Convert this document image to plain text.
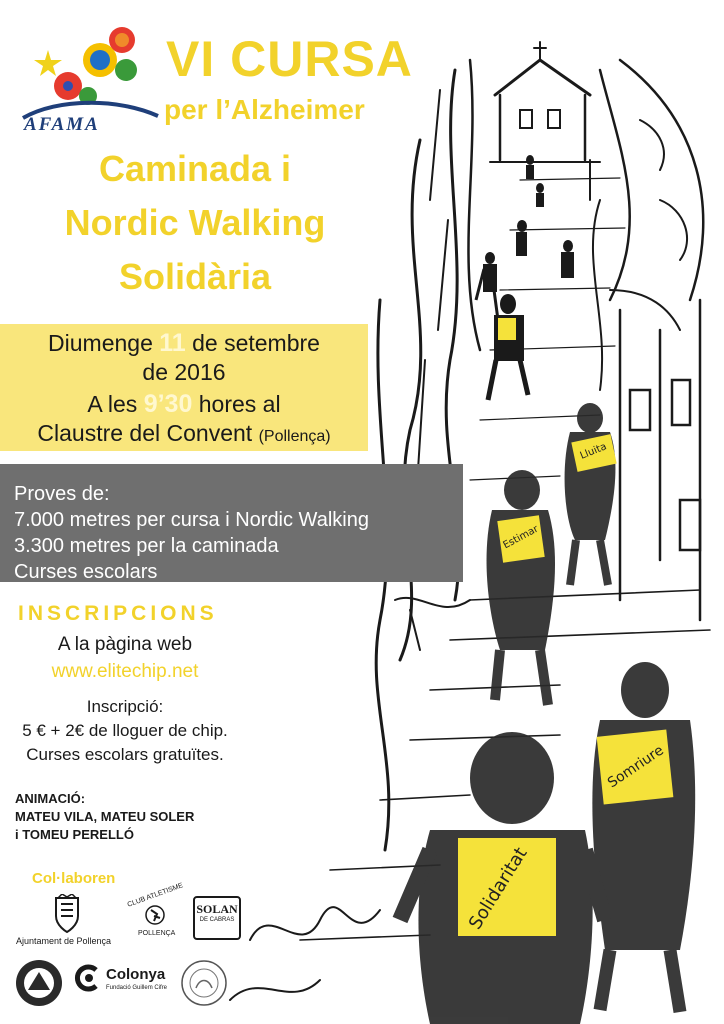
Lluita
Estimar
Somriure
Solidaritat
AFAMA
VI CURSA
per l’Alzheimer
Caminada i
Nordic Walking
Solidària
Diumenge 11 de setembre
de 2016
A les 9’30 hores al
Claustre del Convent (Pollença)
Proves de:
7.000 metres per cursa i Nordic Walking
3.300 metres per la caminada
Curses escolars
INSCRIPCIONS
A la pàgina web
www.elitechip.net
Inscripció:
5 € + 2€ de lloguer de chip.
Curses escolars gratuïtes.
ANIMACIÓ:
MATEU VILA, MATEU SOLER
i TOMEU PERELLÓ
Col·laboren
Ajuntament de Pollença
CLUB ATLETISME
POLLENÇA
SOLAN
DE CABRAS
Colonya
Fundació Guillem Cifre
